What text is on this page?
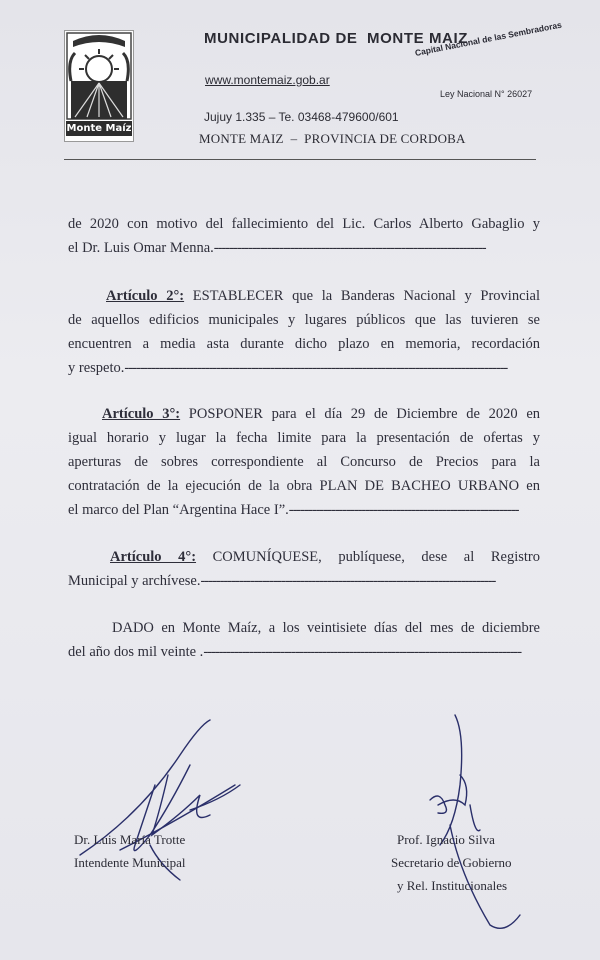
Monte Maíz
MUNICIPALIDAD DE  MONTE MAIZ
Capital Nacional de las Sembradoras
www.montemaiz.gob.ar
Ley Nacional N° 26027
Jujuy 1.335 – Te. 03468-479600/601
MONTE MAIZ  –  PROVINCIA DE CORDOBA
de 2020 con motivo del fallecimiento del Lic. Carlos Alberto Gabaglio y
el Dr. Luis Omar Menna.-----------------------------------------------------------------------
Artículo 2°: ESTABLECER que la Banderas Nacional y Provincial
de aquellos edificios municipales y lugares públicos que las tuvieren se
encuentren a media asta durante dicho plazo en memoria, recordación
y respeto.----------------------------------------------------------------------------------------------------
Artículo 3°: POSPONER para el día 29 de Diciembre de 2020 en
igual horario y lugar la fecha limite para la presentación de ofertas y
aperturas de sobres correspondiente al Concurso de Precios para la
contratación de la ejecución de la obra PLAN DE BACHEO URBANO en
el marco del Plan “Argentina Hace I”.------------------------------------------------------------
Artículo 4°: COMUNÍQUESE, publíquese, dese al Registro
Municipal y archívese.-----------------------------------------------------------------------------
DADO en Monte Maíz, a los veintisiete días del mes de diciembre
del año dos mil veinte .-----------------------------------------------------------------------------------
Dr. Luis María Trotte
Intendente Municipal
Prof. Ignacio Silva
Secretario de Gobierno
y Rel. Institucionales
